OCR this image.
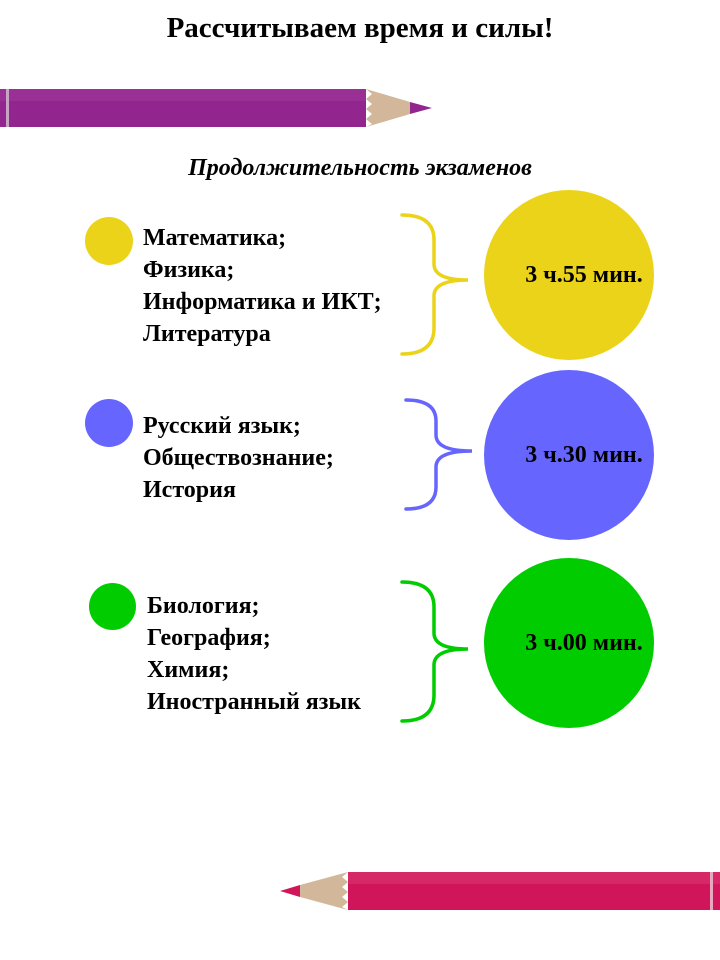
Рассчитываем время и силы!
Продолжительность экзаменов
Математика;
Физика;
Информатика и ИКТ;
Литература
3 ч.55 мин.
Русский язык;
Обществознание;
История
3 ч.30 мин.
Биология;
География;
Химия;
Иностранный язык
3 ч.00 мин.
